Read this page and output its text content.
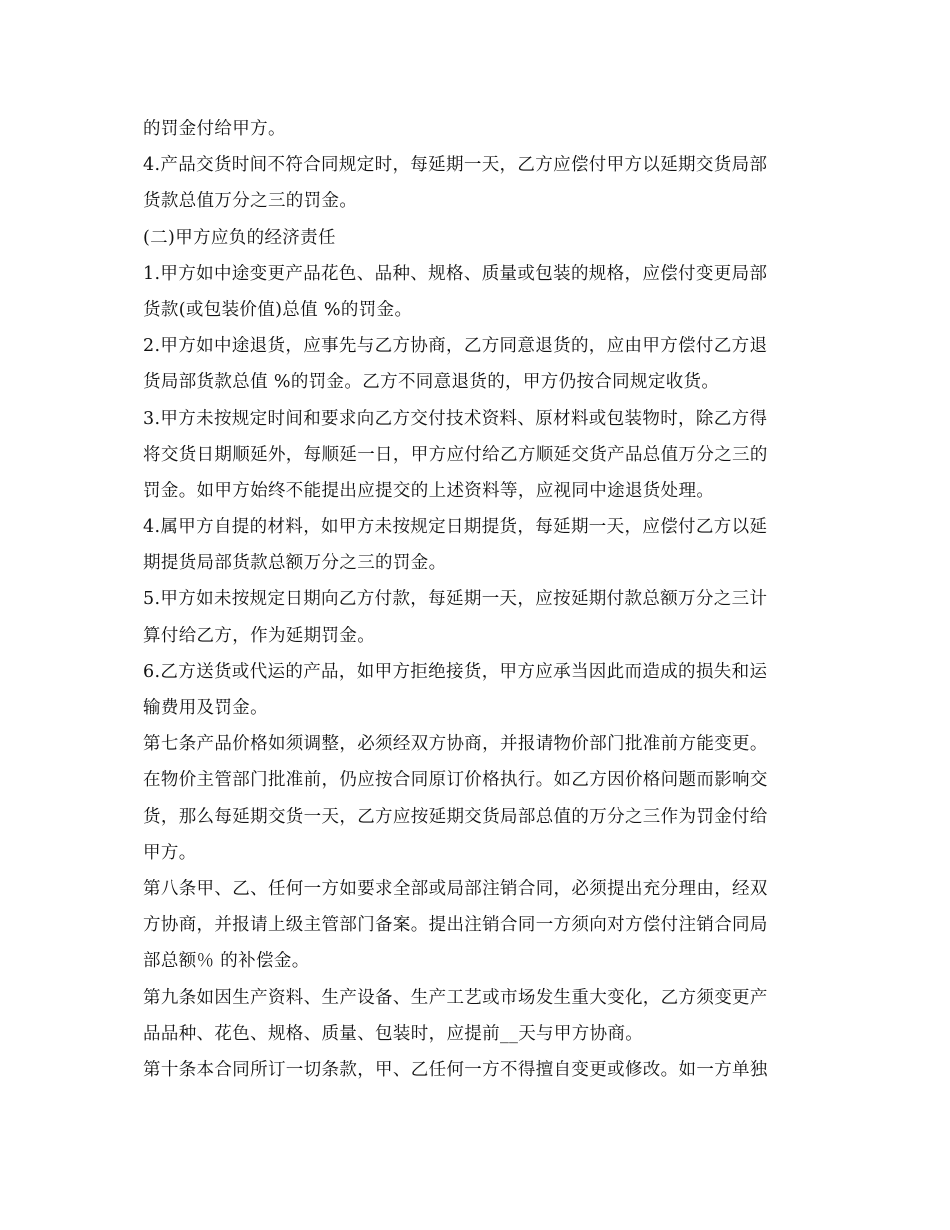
的罚金付给甲方。
4.产品交货时间不符合同规定时，每延期一天，乙方应偿付甲方以延期交货局部
货款总值万分之三的罚金。
(二)甲方应负的经济责任
1.甲方如中途变更产品花色、品种、规格、质量或包装的规格，应偿付变更局部
货款(或包装价值)总值 %的罚金。
2.甲方如中途退货，应事先与乙方协商，乙方同意退货的，应由甲方偿付乙方退
货局部货款总值 %的罚金。乙方不同意退货的，甲方仍按合同规定收货。
3.甲方未按规定时间和要求向乙方交付技术资料、原材料或包装物时，除乙方得
将交货日期顺延外，每顺延一日，甲方应付给乙方顺延交货产品总值万分之三的
罚金。如甲方始终不能提出应提交的上述资料等，应视同中途退货处理。
4.属甲方自提的材料，如甲方未按规定日期提货，每延期一天，应偿付乙方以延
期提货局部货款总额万分之三的罚金。
5.甲方如未按规定日期向乙方付款，每延期一天，应按延期付款总额万分之三计
算付给乙方，作为延期罚金。
6.乙方送货或代运的产品，如甲方拒绝接货，甲方应承当因此而造成的损失和运
输费用及罚金。
第七条产品价格如须调整，必须经双方协商，并报请物价部门批准前方能变更。
在物价主管部门批准前，仍应按合同原订价格执行。如乙方因价格问题而影响交
货，那么每延期交货一天，乙方应按延期交货局部总值的万分之三作为罚金付给
甲方。
第八条甲、乙、任何一方如要求全部或局部注销合同，必须提出充分理由，经双
方协商，并报请上级主管部门备案。提出注销合同一方须向对方偿付注销合同局
部总额％ 的补偿金。
第九条如因生产资料、生产设备、生产工艺或市场发生重大变化，乙方须变更产
品品种、花色、规格、质量、包装时，应提前__天与甲方协商。
第十条本合同所订一切条款，甲、乙任何一方不得擅自变更或修改。如一方单独
